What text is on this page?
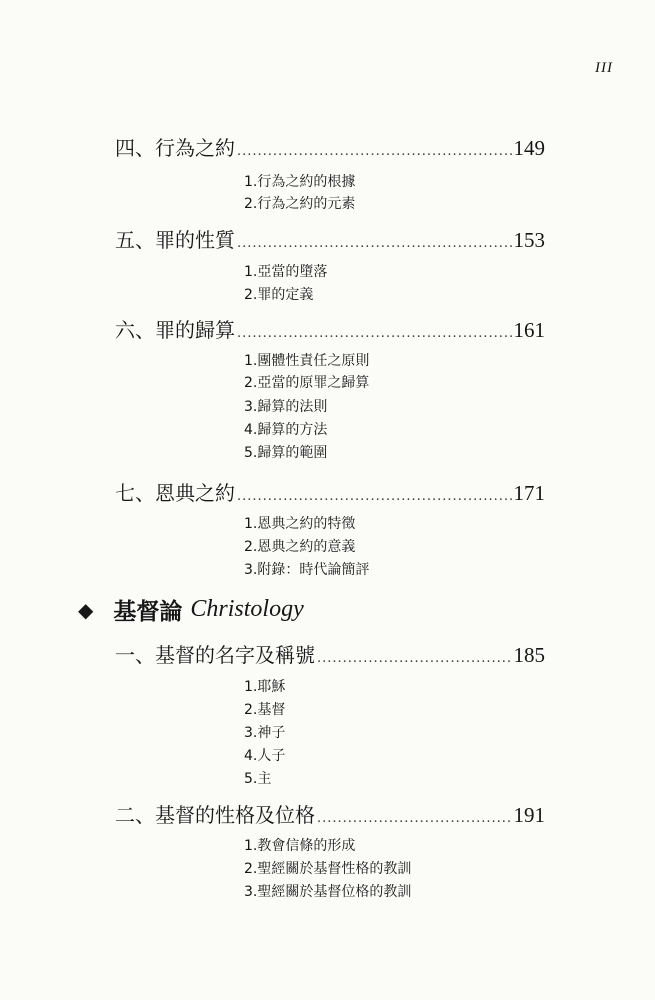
III
四、行為之約 .....	149
1.行為之約的根據
2.行為之約的元素
五、罪的性質 .....	153
1.亞當的墮落
2.罪的定義
六、罪的歸算 .....	161
1.團體性責任之原則
2.亞當的原罪之歸算
3.歸算的法則
4.歸算的方法
5.歸算的範圍
七、恩典之約 .....	171
1.恩典之約的特徵
2.恩典之約的意義
3.附錄：時代論簡評
◆ 基督論 Christology
一、基督的名字及稱號 .....	185
1.耶穌
2.基督
3.神子
4.人子
5.主
二、基督的性格及位格 .....	191
1.教會信條的形成
2.聖經關於基督性格的教訓
3.聖經關於基督位格的教訓
